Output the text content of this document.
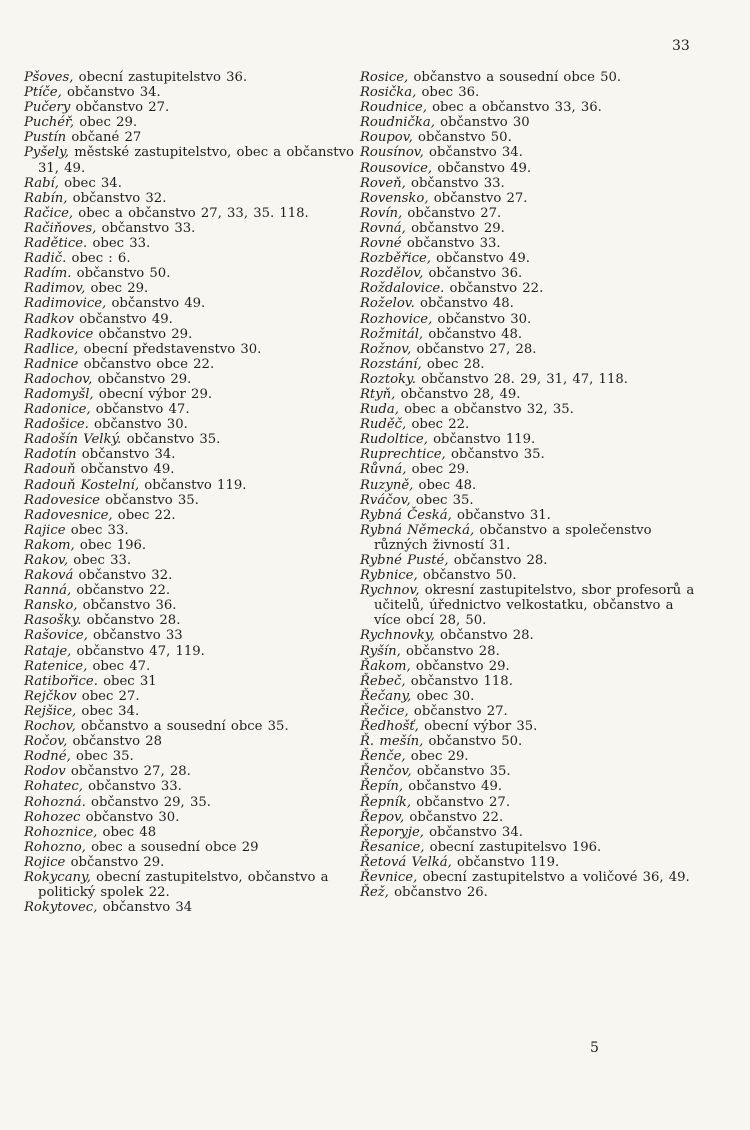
33
Pšoves, obecní zastupitelstvo 36.
Ptíče, občanstvo 34.
Pučery občanstvo 27.
Puchéř, obec 29.
Pustín občané 27
Pyšely, městské zastupitelstvo, obec a občanstvo 31, 49.
Rabí, obec 34.
Rabín, občanstvo 32.
Račice, obec a občanstvo 27, 33, 35. 118.
Račiňoves, občanstvo 33.
Radětice. obec 33.
Radič. obec : 6.
Radím. občanstvo 50.
Radimov, obec 29.
Radimovice, občanstvo 49.
Radkov občanstvo 49.
Radkovice občanstvo 29.
Radlice, obecní představenstvo 30.
Radnice občanstvo obce 22.
Radochov, občanstvo 29.
Radomyšl, obecní výbor 29.
Radonice, občanstvo 47.
Radošice. občanstvo 30.
Radošín Velký. občanstvo 35.
Radotín občanstvo 34.
Radouň občanstvo 49.
Radouň Kostelní, občanstvo 119.
Radovesice občanstvo 35.
Radovesnice, obec 22.
Rajice obec 33.
Rakom, obec 196.
Rakov, obec 33.
Raková občanstvo 32.
Ranná, občanstvo 22.
Ransko, občanstvo 36.
Rasošky. občanstvo 28.
Rašovice, občanstvo 33
Rataje, občanstvo 47, 119.
Ratenice, obec 47.
Ratibořice. obec 31
Rejčkov obec 27.
Rejšice, obec 34.
Rochov, občanstvo a sousední obce 35.
Ročov, občanstvo 28
Rodné, obec 35.
Rodov občanstvo 27, 28.
Rohatec, občanstvo 33.
Rohozná. občanstvo 29, 35.
Rohozec občanstvo 30.
Rohoznice, obec 48
Rohozno, obec a sousední obce 29
Rojice občanstvo 29.
Rokycany, obecní zastupitelstvo, občanstvo a politický spolek 22.
Rokytovec, občanstvo 34
Rosice, občanstvo a sousední obce 50.
Rosička, obec 36.
Roudnice, obec a občanstvo 33, 36.
Roudnička, občanstvo 30
Roupov, občanstvo 50.
Rousínov, občanstvo 34.
Rousovice, občanstvo 49.
Roveň, občanstvo 33.
Rovensko, občanstvo 27.
Rovín, občanstvo 27.
Rovná, občanstvo 29.
Rovné občanstvo 33.
Rozběřice, občanstvo 49.
Rozdělov, občanstvo 36.
Roždalovice. občanstvo 22.
Roželov. občanstvo 48.
Rozhovice, občanstvo 30.
Rožmitál, občanstvo 48.
Rožnov, občanstvo 27, 28.
Rozstání, obec 28.
Roztoky. občanstvo 28. 29, 31, 47, 118.
Rtyň, občanstvo 28, 49.
Ruda, obec a občanstvo 32, 35.
Ruděč, obec 22.
Rudoltice, občanstvo 119.
Ruprechtice, občanstvo 35.
Růvná, obec 29.
Ruzyně, obec 48.
Rváčov, obec 35.
Rybná Česká, občanstvo 31.
Rybná Německá, občanstvo a společenstvo různých živností 31.
Rybné Pusté, občanstvo 28.
Rybnice, občanstvo 50.
Rychnov, okresní zastupitelstvo, sbor profesorů a učitelů, úřednictvo velkostatku, občanstvo a více obcí 28, 50.
Rychnovky, občanstvo 28.
Ryšín, občanstvo 28.
Řakom, občanstvo 29.
Řebeč, občanstvo 118.
Řečany, obec 30.
Řečice, občanstvo 27.
Ředhošť, obecní výbor 35.
Ř. mešín, občanstvo 50.
Řenče, obec 29.
Řenčov, občanstvo 35.
Řepín, občanstvo 49.
Řepník, občanstvo 27.
Řepov, občanstvo 22.
Řeporyje, občanstvo 34.
Řesanice, obecní zastupitelsvo 196.
Řetová Velká, občanstvo 119.
Řevnice, obecní zastupitelstvo a voličové 36, 49.
Řež, občanstvo 26.
5
